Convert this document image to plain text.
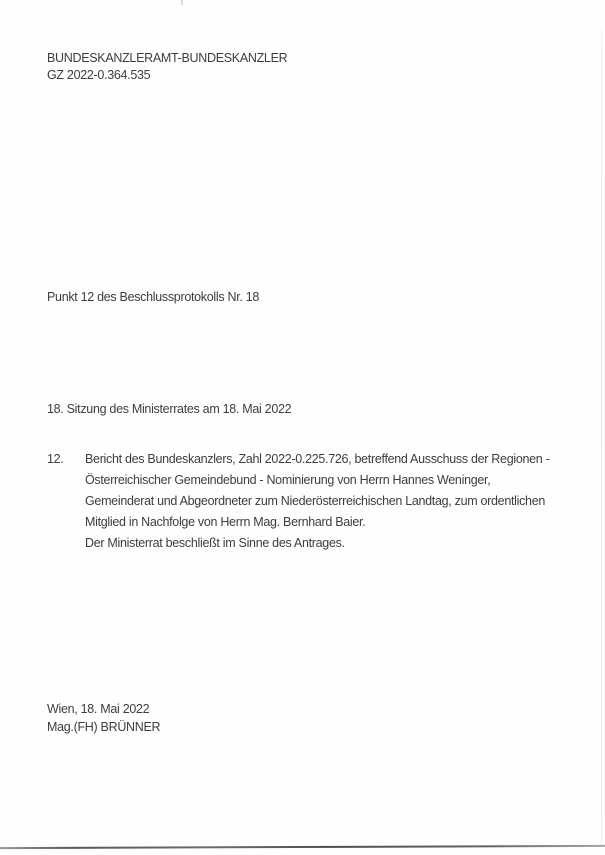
BUNDESKANZLERAMT-BUNDESKANZLER
GZ 2022-0.364.535
Punkt 12 des Beschlussprotokolls Nr. 18
18. Sitzung des Ministerrates am 18. Mai 2022
12.	Bericht des Bundeskanzlers, Zahl 2022-0.225.726, betreffend Ausschuss der Regionen -
Österreichischer Gemeindebund - Nominierung von Herrn Hannes Weninger,
Gemeinderat und Abgeordneter zum Niederösterreichischen Landtag, zum ordentlichen
Mitglied in Nachfolge von Herrn Mag. Bernhard Baier.
Der Ministerrat beschließt im Sinne des Antrages.
Wien, 18. Mai 2022
Mag.(FH) BRÜNNER
